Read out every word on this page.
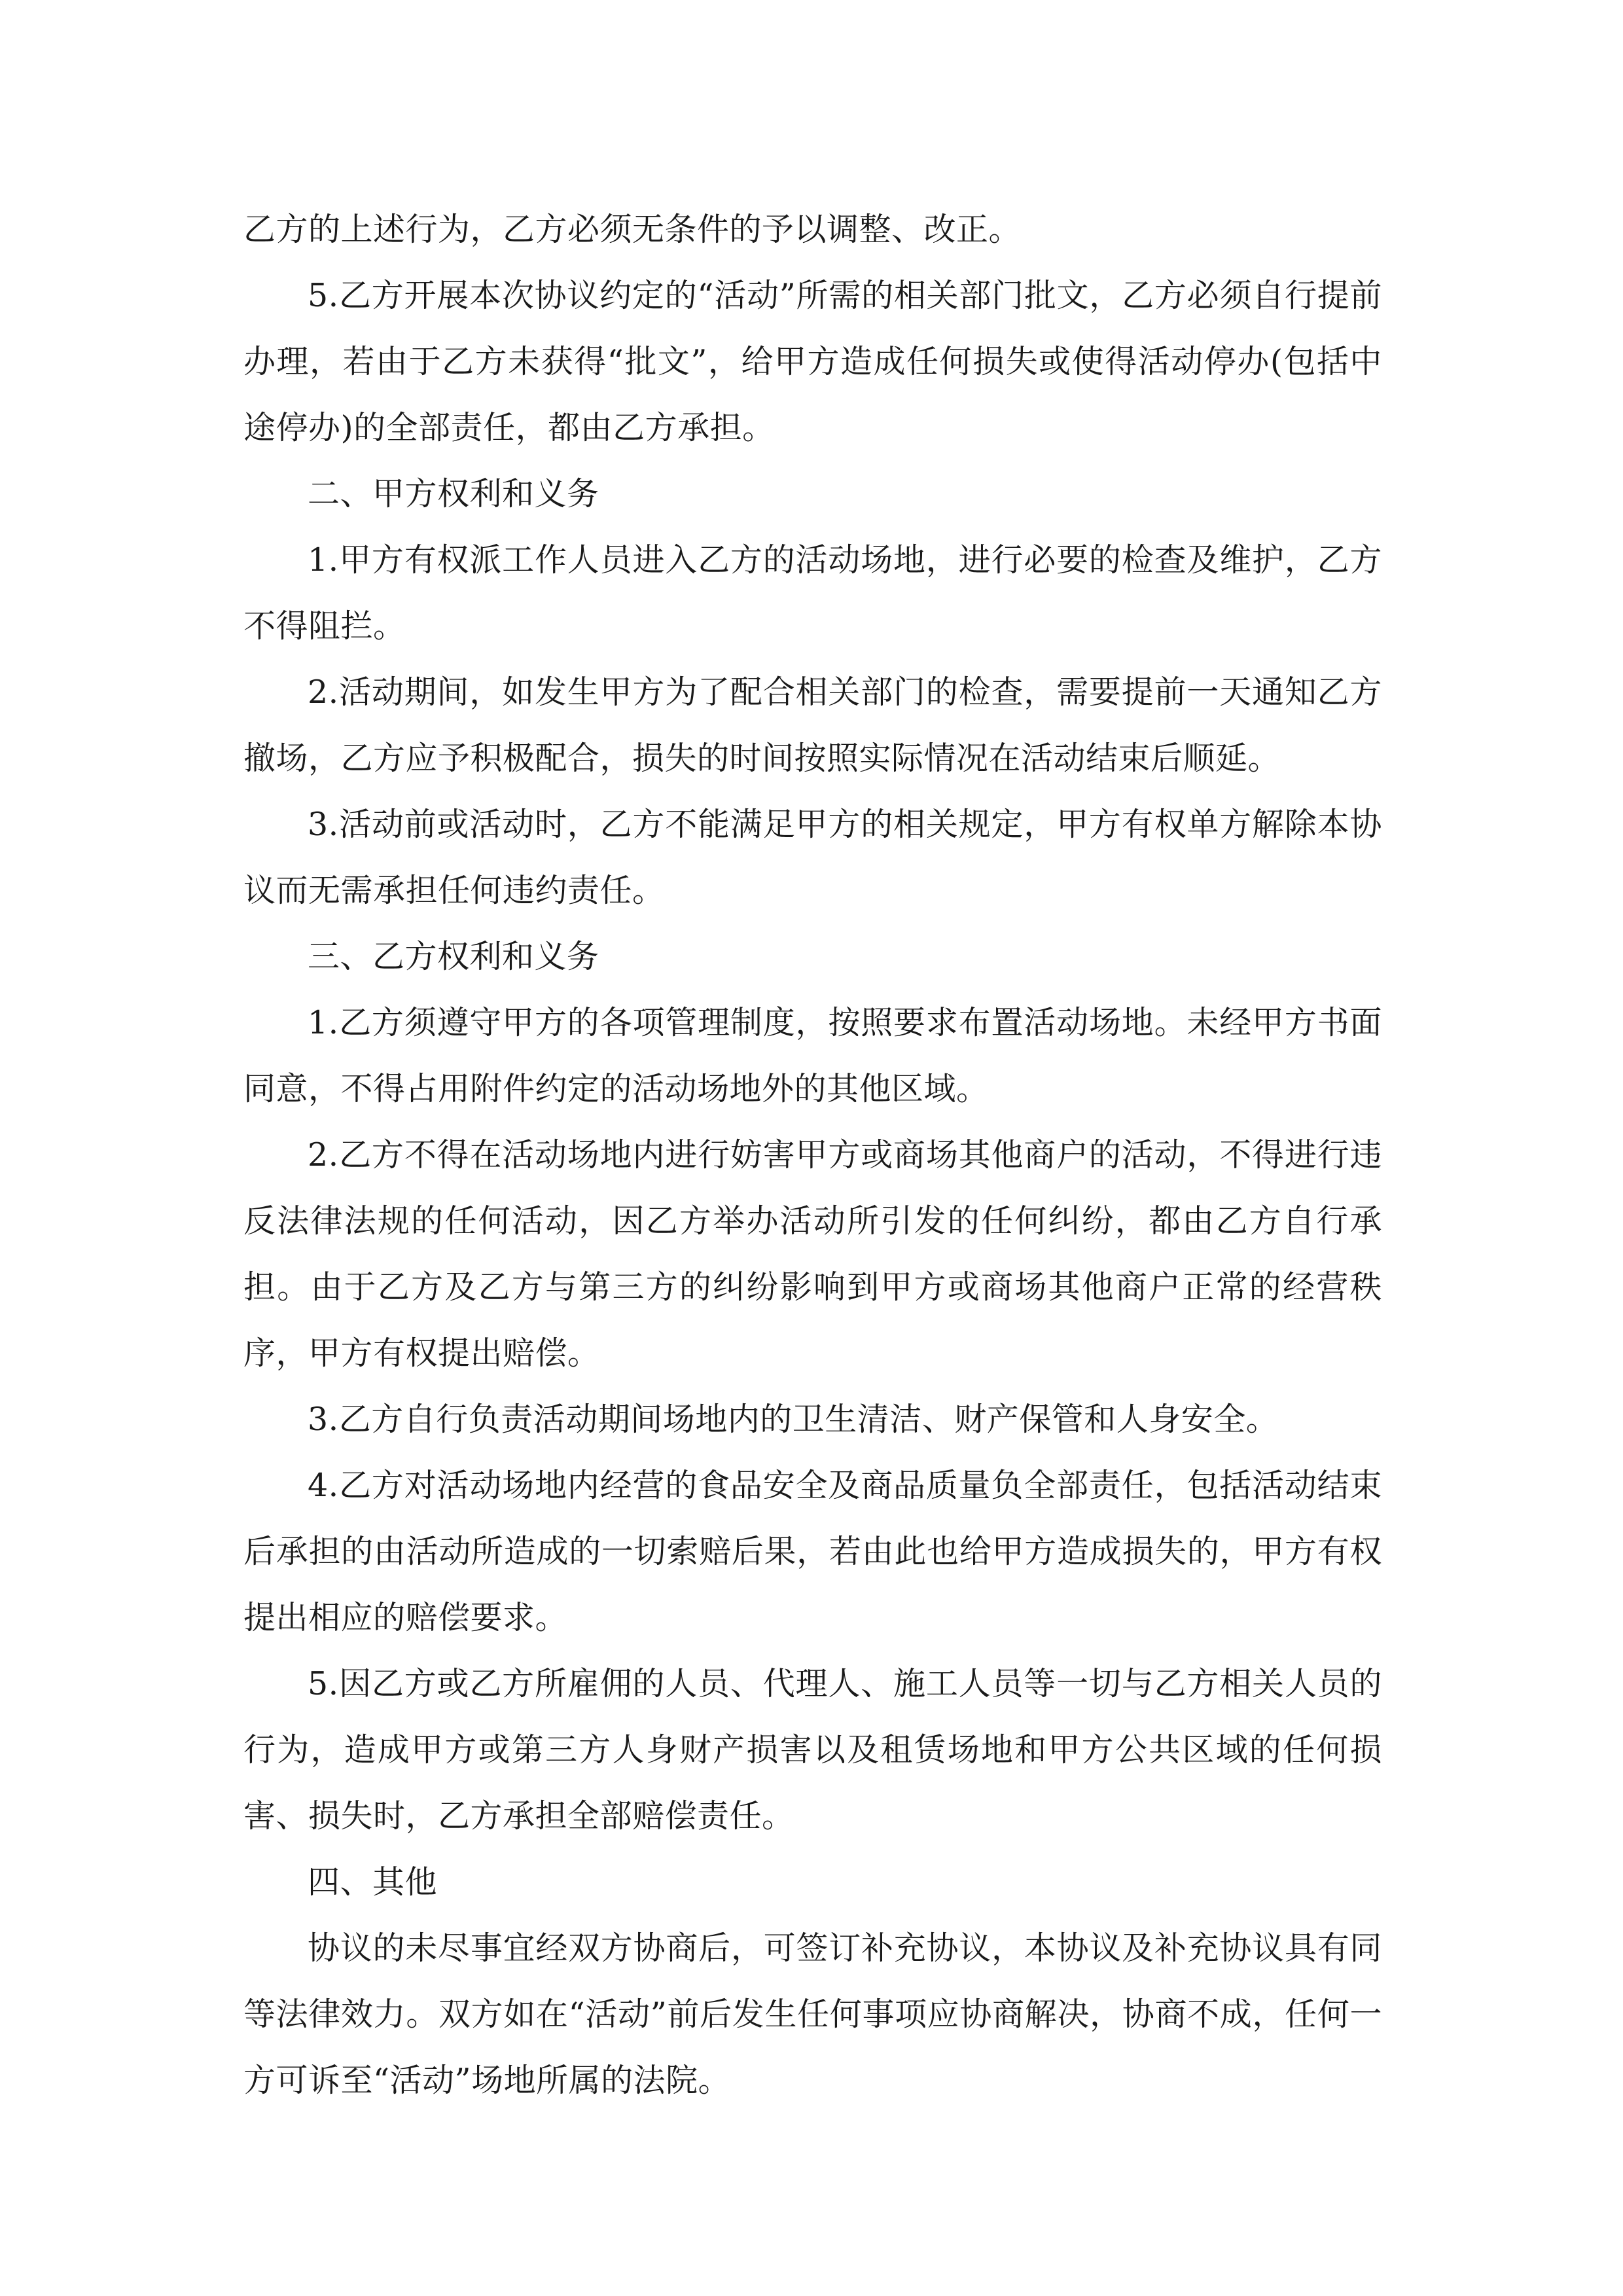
乙方的上述行为，乙方必须无条件的予以调整、改正。

5.乙方开展本次协议约定的“活动”所需的相关部门批文，乙方必须自行提前办理，若由于乙方未获得“批文”，给甲方造成任何损失或使得活动停办(包括中途停办)的全部责任，都由乙方承担。

二、甲方权利和义务

1.甲方有权派工作人员进入乙方的活动场地，进行必要的检查及维护，乙方不得阻拦。

2.活动期间，如发生甲方为了配合相关部门的检查，需要提前一天通知乙方撤场，乙方应予积极配合，损失的时间按照实际情况在活动结束后顺延。

3.活动前或活动时，乙方不能满足甲方的相关规定，甲方有权单方解除本协议而无需承担任何违约责任。

三、乙方权利和义务

1.乙方须遵守甲方的各项管理制度，按照要求布置活动场地。未经甲方书面同意，不得占用附件约定的活动场地外的其他区域。

2.乙方不得在活动场地内进行妨害甲方或商场其他商户的活动，不得进行违反法律法规的任何活动，因乙方举办活动所引发的任何纠纷，都由乙方自行承担。由于乙方及乙方与第三方的纠纷影响到甲方或商场其他商户正常的经营秩序，甲方有权提出赔偿。

3.乙方自行负责活动期间场地内的卫生清洁、财产保管和人身安全。

4.乙方对活动场地内经营的食品安全及商品质量负全部责任，包括活动结束后承担的由活动所造成的一切索赔后果，若由此也给甲方造成损失的，甲方有权提出相应的赔偿要求。

5.因乙方或乙方所雇佣的人员、代理人、施工人员等一切与乙方相关人员的行为，造成甲方或第三方人身财产损害以及租赁场地和甲方公共区域的任何损害、损失时，乙方承担全部赔偿责任。

四、其他

协议的未尽事宜经双方协商后，可签订补充协议，本协议及补充协议具有同等法律效力。双方如在“活动”前后发生任何事项应协商解决，协商不成，任何一方可诉至“活动”场地所属的法院。
